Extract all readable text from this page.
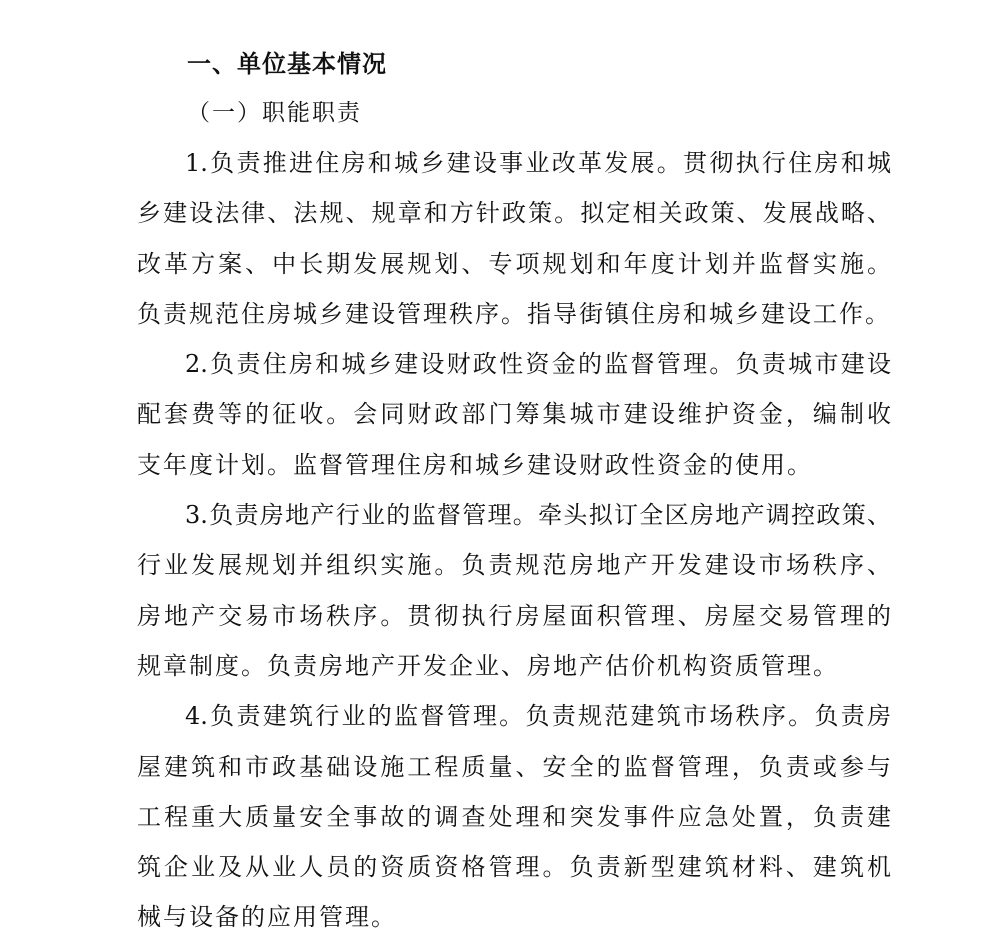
一、单位基本情况
（一）职能职责
1.负责推进住房和城乡建设事业改革发展。贯彻执行住房和城
乡建设法律、法规、规章和方针政策。拟定相关政策、发展战略、
改革方案、中长期发展规划、专项规划和年度计划并监督实施。
负责规范住房城乡建设管理秩序。指导街镇住房和城乡建设工作。
2.负责住房和城乡建设财政性资金的监督管理。负责城市建设
配套费等的征收。会同财政部门筹集城市建设维护资金，编制收
支年度计划。监督管理住房和城乡建设财政性资金的使用。
3.负责房地产行业的监督管理。牵头拟订全区房地产调控政策、
行业发展规划并组织实施。负责规范房地产开发建设市场秩序、
房地产交易市场秩序。贯彻执行房屋面积管理、房屋交易管理的
规章制度。负责房地产开发企业、房地产估价机构资质管理。
4.负责建筑行业的监督管理。负责规范建筑市场秩序。负责房
屋建筑和市政基础设施工程质量、安全的监督管理，负责或参与
工程重大质量安全事故的调查处理和突发事件应急处置，负责建
筑企业及从业人员的资质资格管理。负责新型建筑材料、建筑机
械与设备的应用管理。
